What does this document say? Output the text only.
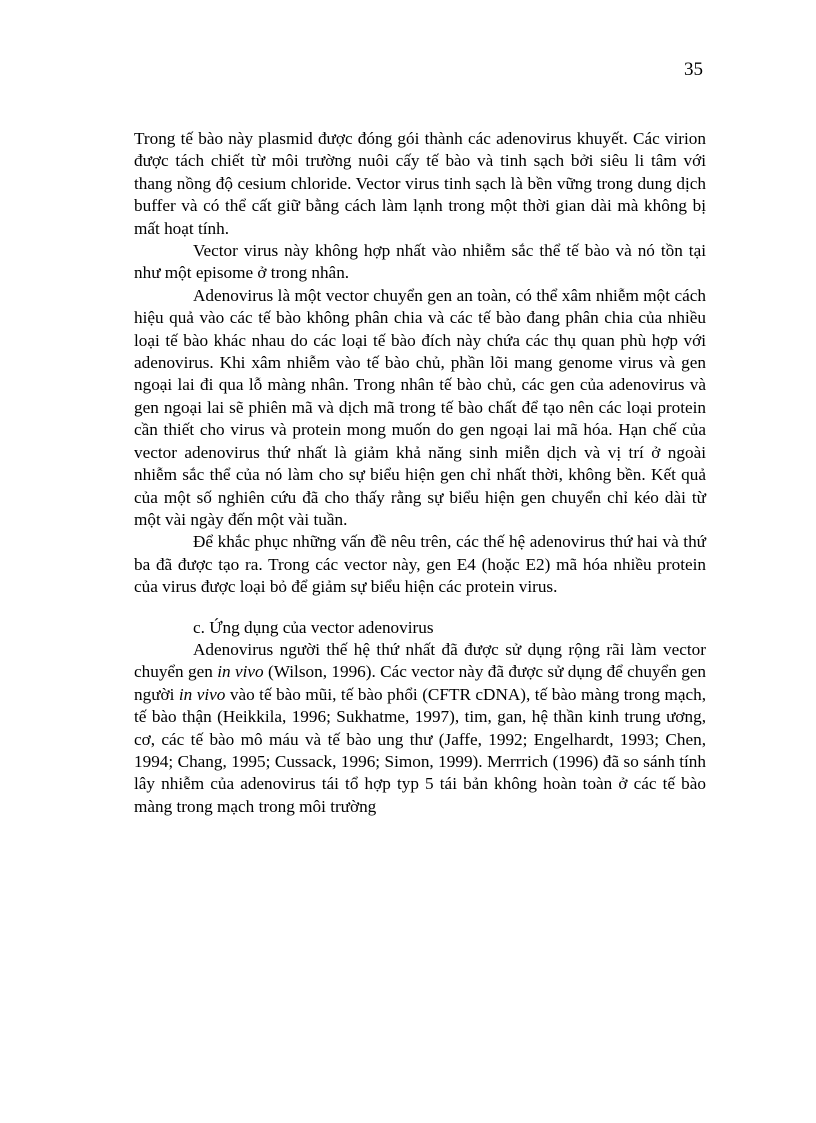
35

Trong tế bào này plasmid được đóng gói thành các adenovirus khuyết. Các virion được tách chiết từ môi trường nuôi cấy tế bào và tinh sạch bởi siêu li tâm với thang nồng độ cesium chloride. Vector virus tinh sạch là bền vững trong dung dịch buffer và có thể cất giữ bằng cách làm lạnh trong một thời gian dài mà không bị mất hoạt tính.

Vector virus này không hợp nhất vào nhiễm sắc thể tế bào và nó tồn tại như một episome ở trong nhân.

Adenovirus là một vector chuyển gen an toàn, có thể xâm nhiễm một cách hiệu quả vào các tế bào không phân chia và các tế bào đang phân chia của nhiều loại tế bào khác nhau do các loại tế bào đích này chứa các thụ quan phù hợp với adenovirus. Khi xâm nhiễm vào tế bào chủ, phần lõi mang genome virus và gen ngoại lai đi qua lỗ màng nhân. Trong nhân tế bào chủ, các gen của adenovirus và gen ngoại lai sẽ phiên mã và dịch mã trong tế bào chất để tạo nên các loại protein cần thiết cho virus và protein mong muốn do gen ngoại lai mã hóa. Hạn chế của vector adenovirus thứ nhất là giảm khả năng sinh miễn dịch và vị trí ở ngoài nhiễm sắc thể của nó làm cho sự biểu hiện gen chỉ nhất thời, không bền. Kết quả của một số nghiên cứu đã cho thấy rằng sự biểu hiện gen chuyển chỉ kéo dài từ một vài ngày đến một vài tuần.

Để khắc phục những vấn đề nêu trên, các thế hệ adenovirus thứ hai và thứ ba đã được tạo ra. Trong các vector này, gen E4 (hoặc E2) mã hóa nhiều protein của virus được loại bỏ để giảm sự biểu hiện các protein virus.

c. Ứng dụng của vector adenovirus

Adenovirus người thế hệ thứ nhất đã được sử dụng rộng rãi làm vector chuyển gen in vivo (Wilson, 1996). Các vector này đã được sử dụng để chuyển gen người in vivo vào tế bào mũi, tế bào phổi (CFTR cDNA), tế bào màng trong mạch, tế bào thận (Heikkila, 1996; Sukhatme, 1997), tim, gan, hệ thần kinh trung ương, cơ, các tế bào mô máu và tế bào ung thư (Jaffe, 1992; Engelhardt, 1993; Chen, 1994; Chang, 1995; Cussack, 1996; Simon, 1999). Merrrich (1996) đã so sánh tính lây nhiễm của adenovirus tái tổ hợp typ 5 tái bản không hoàn toàn ở các tế bào màng trong mạch trong môi trường
